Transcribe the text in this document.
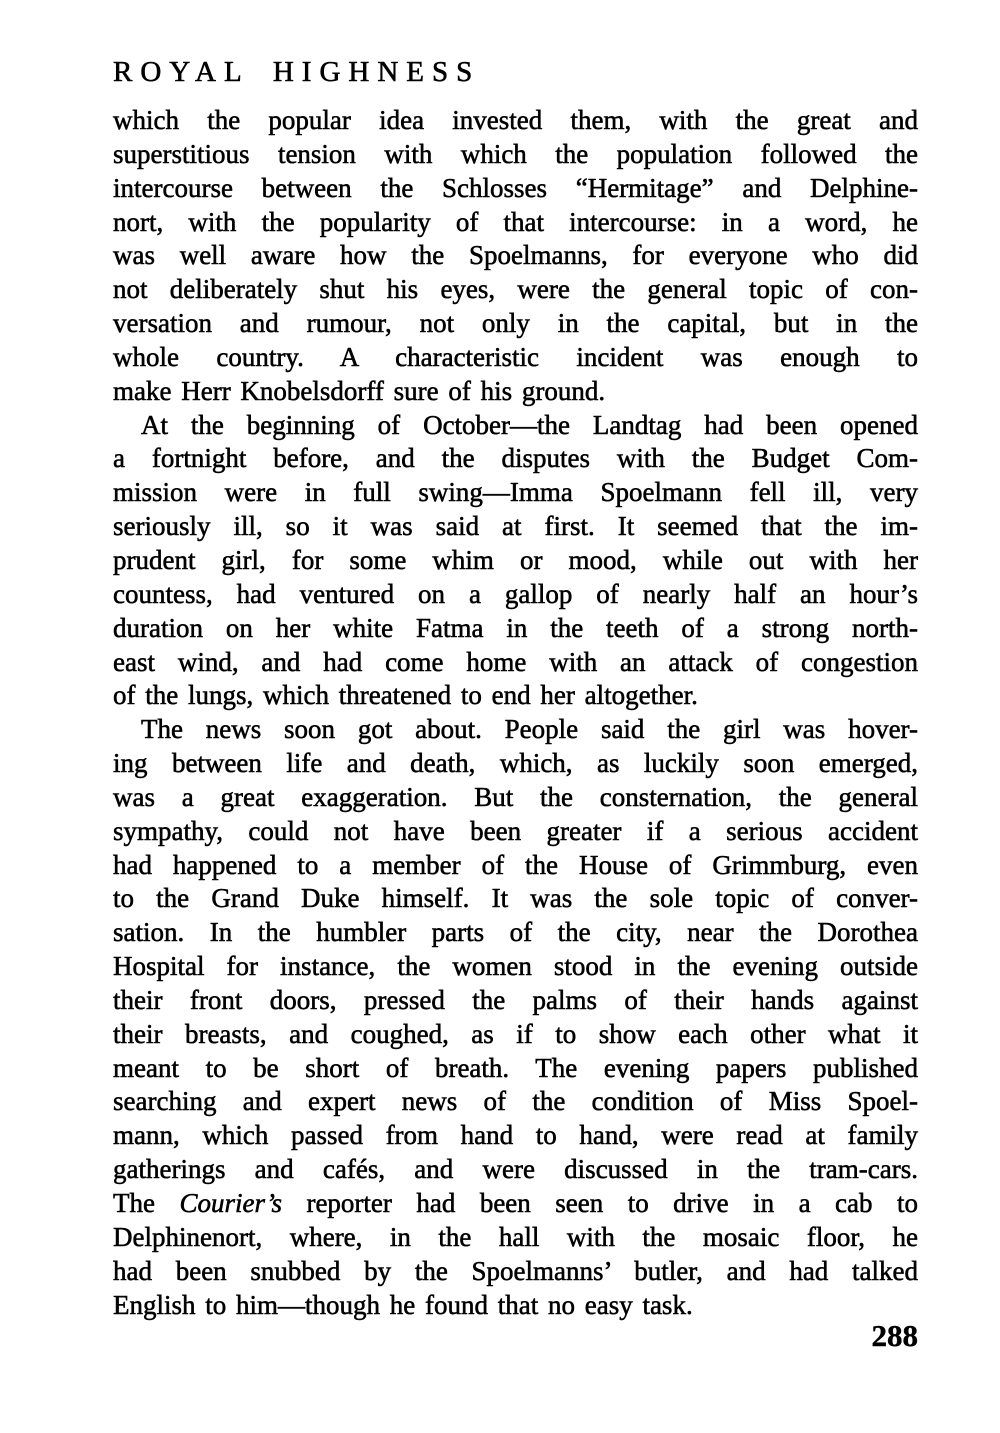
ROYAL HIGHNESS
which the popular idea invested them, with the great and
superstitious tension with which the population followed the
intercourse between the Schlosses “Hermitage” and Delphine-
nort, with the popularity of that intercourse: in a word, he
was well aware how the Spoelmanns, for everyone who did
not deliberately shut his eyes, were the general topic of con-
versation and rumour, not only in the capital, but in the
whole country. A characteristic incident was enough to
make Herr Knobelsdorff sure of his ground.
At the beginning of October—the Landtag had been opened
a fortnight before, and the disputes with the Budget Com-
mission were in full swing—Imma Spoelmann fell ill, very
seriously ill, so it was said at first. It seemed that the im-
prudent girl, for some whim or mood, while out with her
countess, had ventured on a gallop of nearly half an hour’s
duration on her white Fatma in the teeth of a strong north-
east wind, and had come home with an attack of congestion
of the lungs, which threatened to end her altogether.
The news soon got about. People said the girl was hover-
ing between life and death, which, as luckily soon emerged,
was a great exaggeration. But the consternation, the general
sympathy, could not have been greater if a serious accident
had happened to a member of the House of Grimmburg, even
to the Grand Duke himself. It was the sole topic of conver-
sation. In the humbler parts of the city, near the Dorothea
Hospital for instance, the women stood in the evening outside
their front doors, pressed the palms of their hands against
their breasts, and coughed, as if to show each other what it
meant to be short of breath. The evening papers published
searching and expert news of the condition of Miss Spoel-
mann, which passed from hand to hand, were read at family
gatherings and cafés, and were discussed in the tram-cars.
The Courier’s reporter had been seen to drive in a cab to
Delphinenort, where, in the hall with the mosaic floor, he
had been snubbed by the Spoelmanns’ butler, and had talked
English to him—though he found that no easy task.
288
